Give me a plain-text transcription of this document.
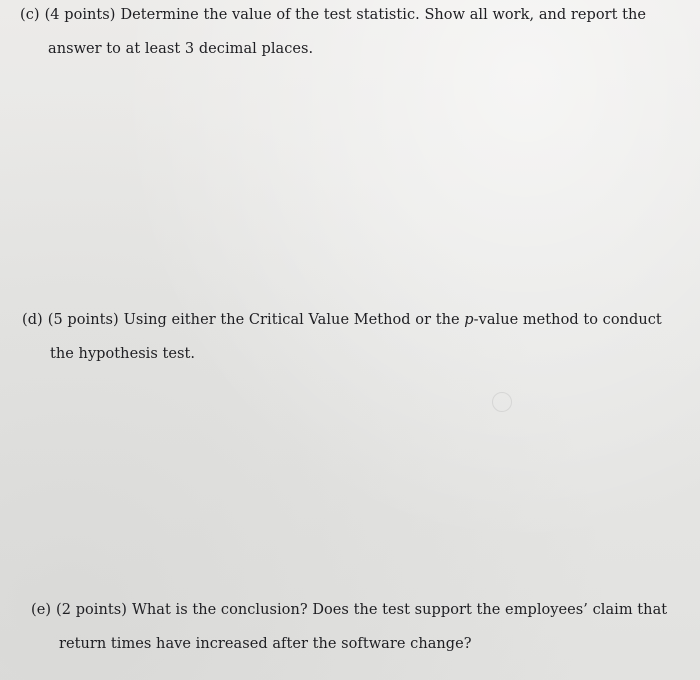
(c) (4 points) Determine the value of the test statistic. Show all work, and report the
answer to at least 3 decimal places.
(d) (5 points) Using either the Critical Value Method or the p-value method to conduct
the hypothesis test.
(e) (2 points) What is the conclusion? Does the test support the employees’ claim that
return times have increased after the software change?
